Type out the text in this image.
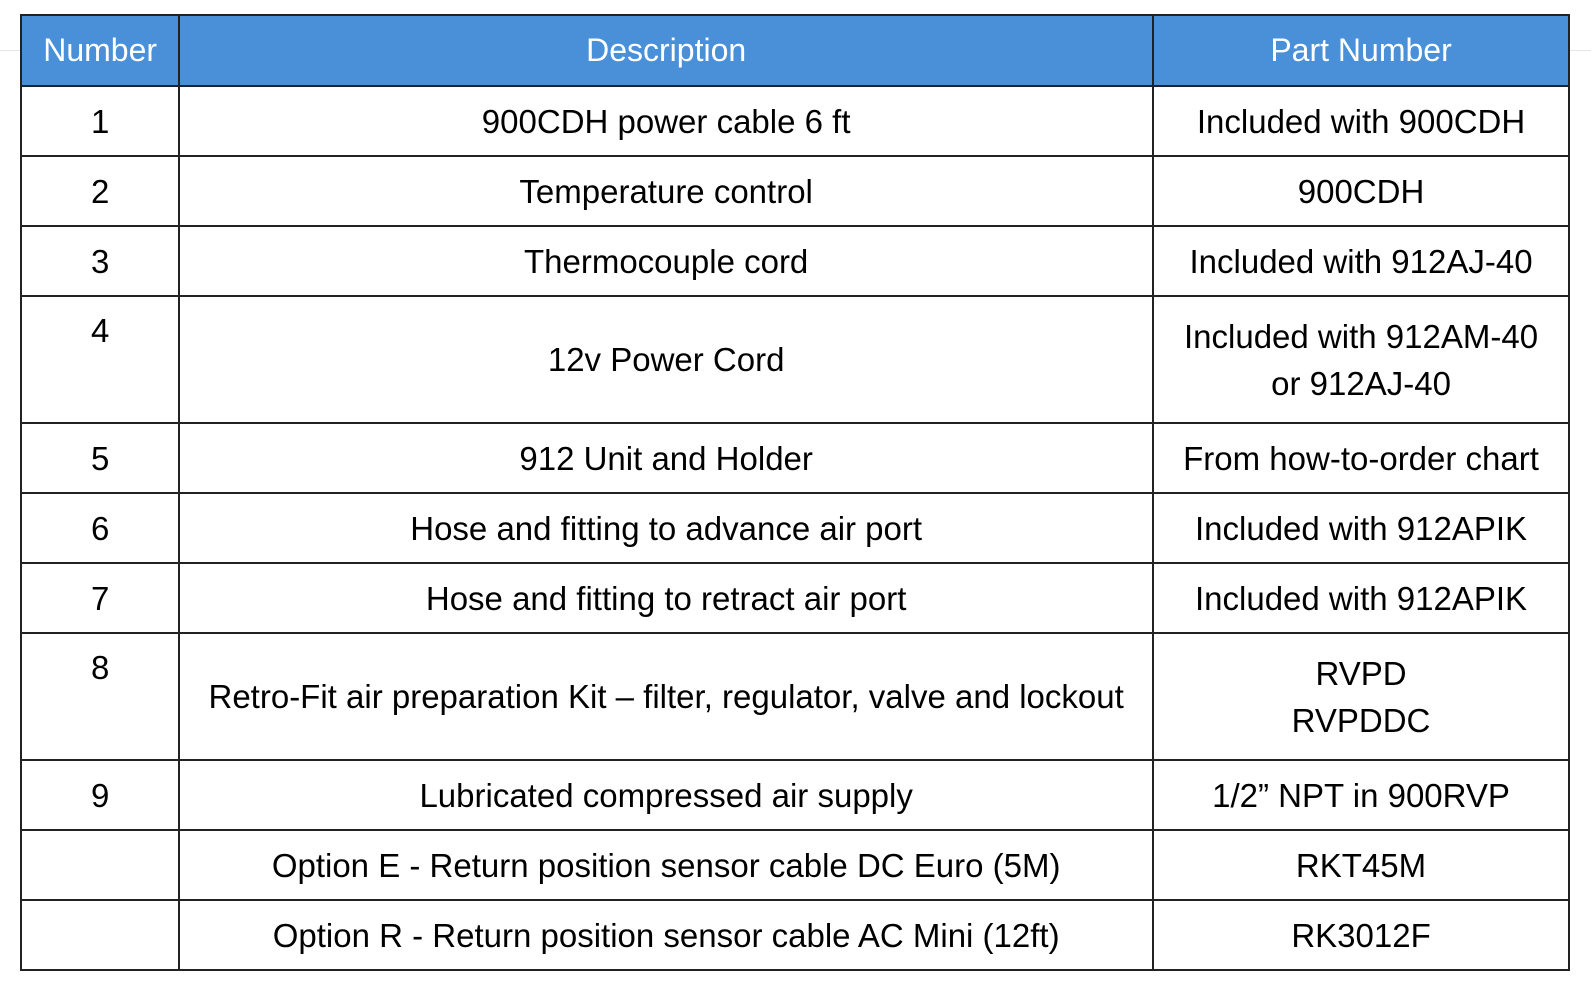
Number	Description	Part Number
1	900CDH power cable 6 ft	Included with 900CDH

2	Temperature control	900CDH

3	Thermocouple cord	Included with 912AJ-40

4	12v Power Cord	Included with 912AM-40
or 912AJ-40

5	912 Unit and Holder	From how-to-order chart

6	Hose and fitting to advance air port	Included with 912APIK

7	Hose and fitting to retract air port	Included with 912APIK

8	Retro-Fit air preparation Kit – filter, regulator, valve and lockout	RVPD
RVPDDC

9	Lubricated compressed air supply	1/2” NPT in 900RVP

	Option E - Return position sensor cable DC Euro (5M)	RKT45M

	Option R - Return position sensor cable AC Mini (12ft)	RK3012F
